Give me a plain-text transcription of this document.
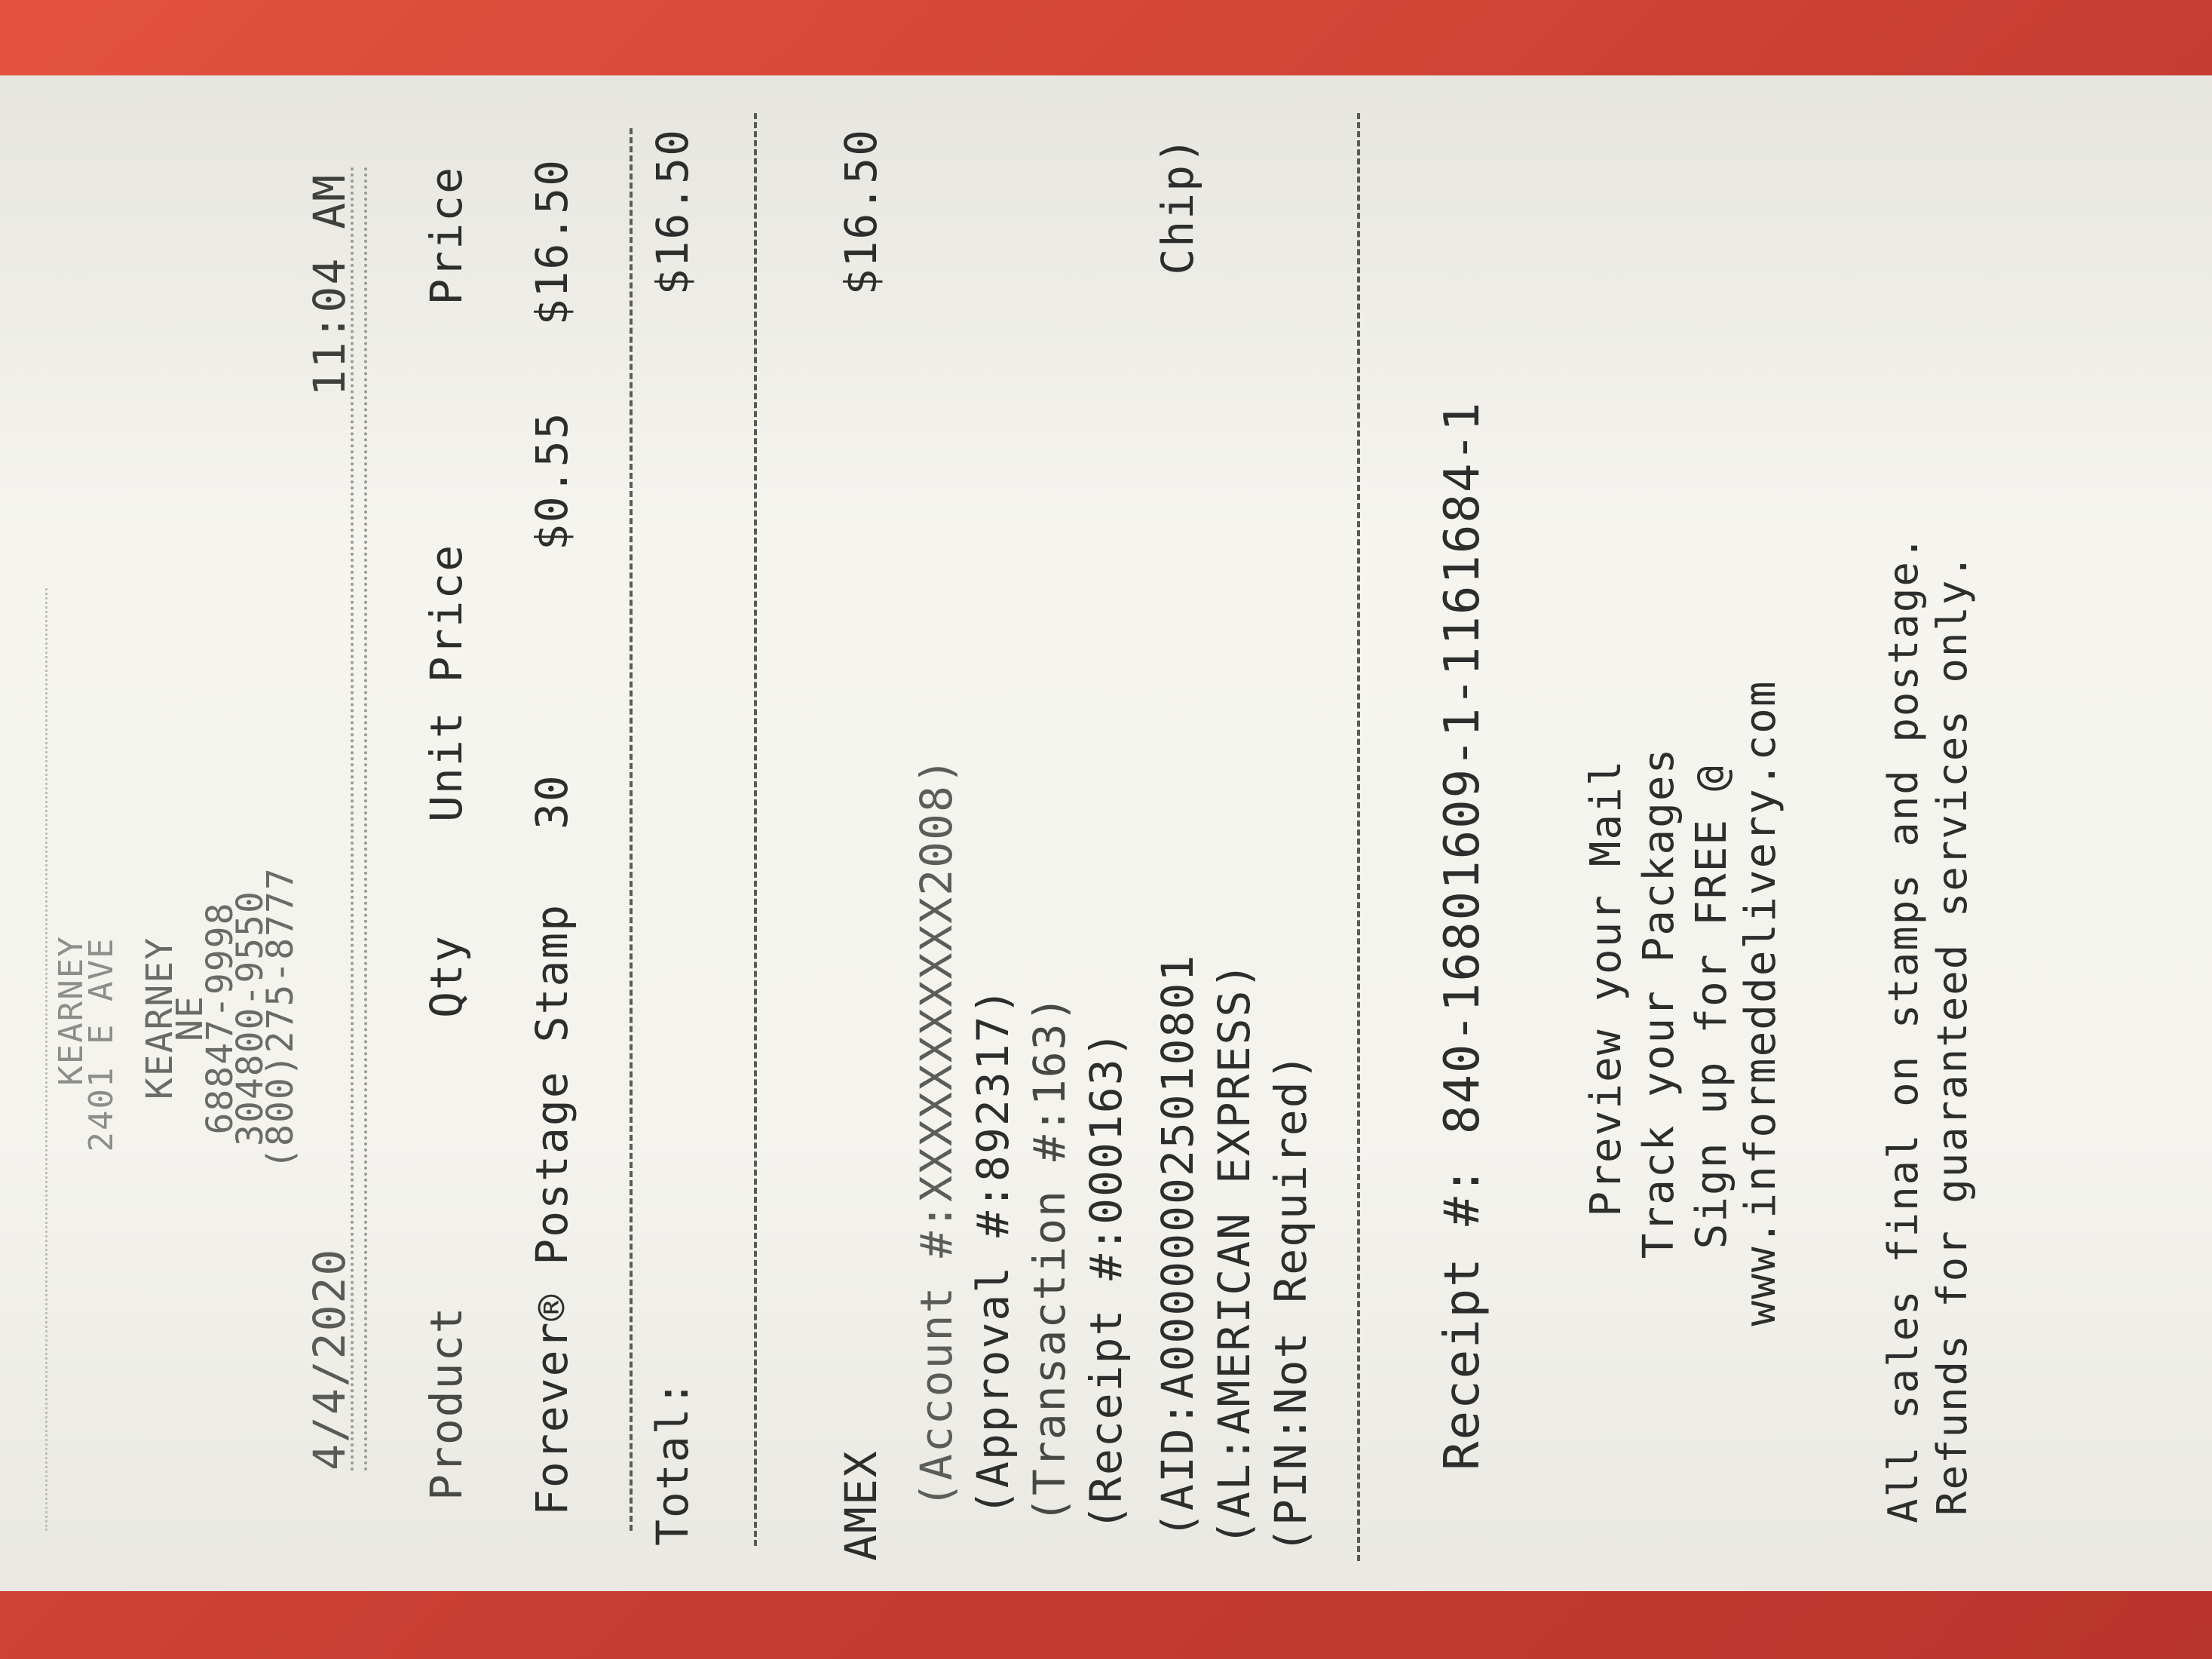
KEARNEY
2401 E AVE KEARNEY
NE
68847-9998
304800-9550
(800)275-8777
4/4/2020
11:04 AM
Product
Qty
Unit Price
Price
Forever® Postage Stamp
30
$0.55
$16.50
Total:
$16.50
AMEX
$16.50
(Account #:XXXXXXXXXXX2008) (Approval #:892317) (Transaction #:163) (Receipt #:000163) (AID:A000000025010801
Chip)
(AL:AMERICAN EXPRESS) (PIN:Not Required) Receipt #: 840-16801609-1-1161684-1 Preview your Mail Track your Packages Sign up for FREE @ www.informeddelivery.com All sales final on stamps and postage. Refunds for guaranteed services only.
